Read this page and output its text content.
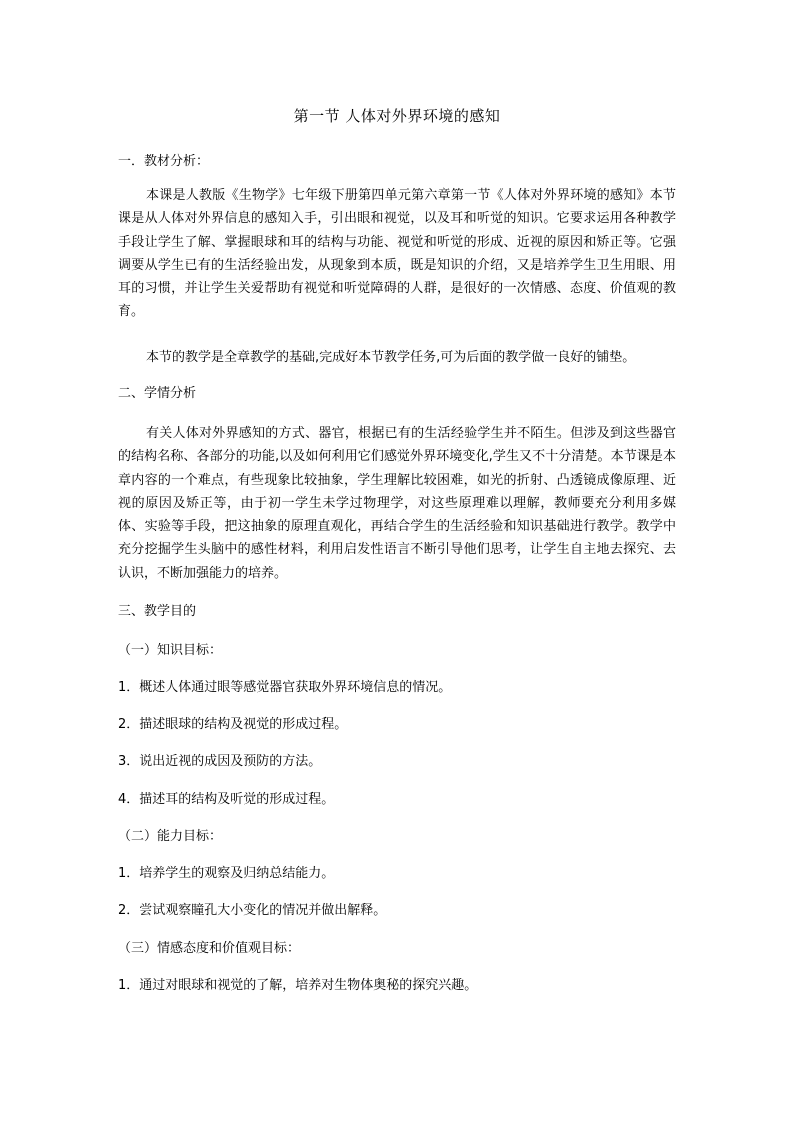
第一节 人体对外界环境的感知
一．教材分析：
本课是人教版《生物学》七年级下册第四单元第六章第一节《人体对外界环境的感知》本节课是从人体对外界信息的感知入手，引出眼和视觉，以及耳和听觉的知识。它要求运用各种教学手段让学生了解、掌握眼球和耳的结构与功能、视觉和听觉的形成、近视的原因和矫正等。它强调要从学生已有的生活经验出发，从现象到本质，既是知识的介绍，又是培养学生卫生用眼、用耳的习惯，并让学生关爱帮助有视觉和听觉障碍的人群，是很好的一次情感、态度、价值观的教育。
本节的教学是全章教学的基础,完成好本节教学任务,可为后面的教学做一良好的铺垫。
二、学情分析
有关人体对外界感知的方式、器官，根据已有的生活经验学生并不陌生。但涉及到这些器官的结构名称、各部分的功能,以及如何利用它们感觉外界环境变化,学生又不十分清楚。本节课是本章内容的一个难点，有些现象比较抽象，学生理解比较困难，如光的折射、凸透镜成像原理、近视的原因及矫正等，由于初一学生未学过物理学，对这些原理难以理解，教师要充分利用多媒体、实验等手段，把这抽象的原理直观化，再结合学生的生活经验和知识基础进行教学。教学中充分挖掘学生头脑中的感性材料，利用启发性语言不断引导他们思考，让学生自主地去探究、去认识，不断加强能力的培养。
三、教学目的
（一）知识目标：
1．概述人体通过眼等感觉器官获取外界环境信息的情况。
2．描述眼球的结构及视觉的形成过程。
3．说出近视的成因及预防的方法。
4．描述耳的结构及听觉的形成过程。
（二）能力目标：
1．培养学生的观察及归纳总结能力。
2．尝试观察瞳孔大小变化的情况并做出解释。
（三）情感态度和价值观目标：
1．通过对眼球和视觉的了解，培养对生物体奥秘的探究兴趣。
